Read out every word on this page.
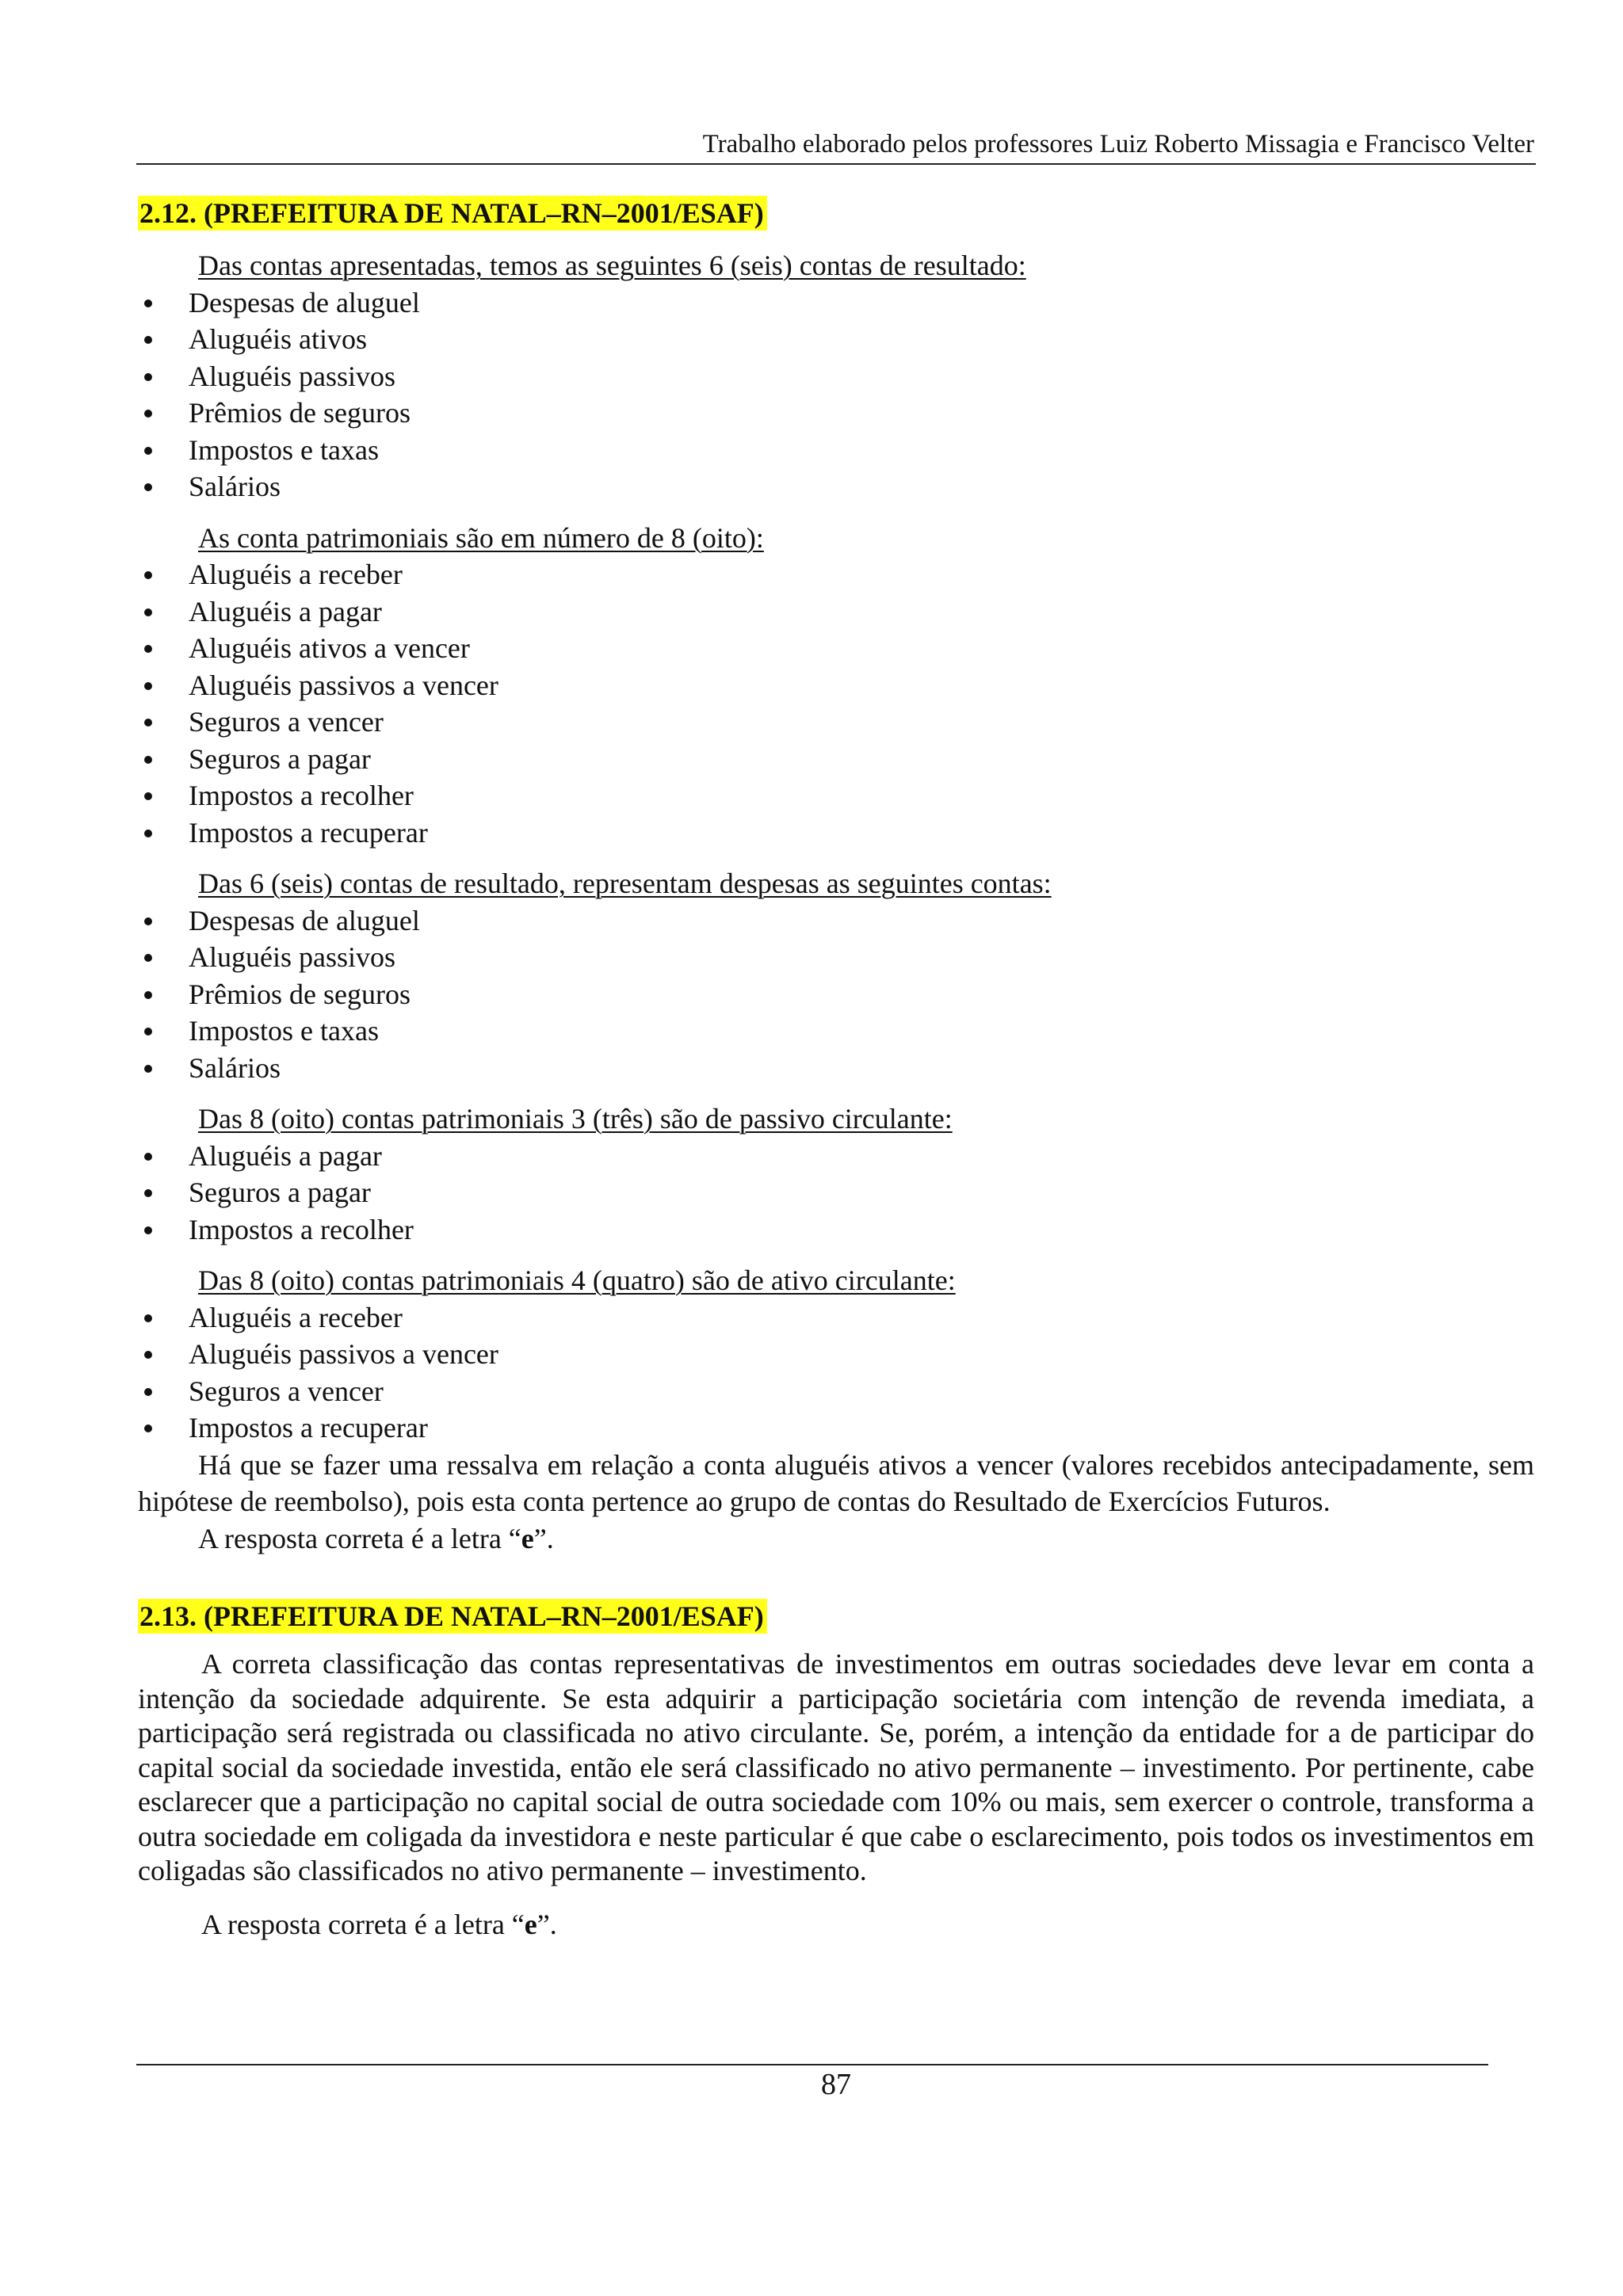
Trabalho elaborado pelos professores Luiz Roberto Missagia e Francisco Velter
2.12. (PREFEITURA DE NATAL–RN–2001/ESAF)
Das contas apresentadas, temos as seguintes 6 (seis) contas de resultado:
Despesas de aluguel
Aluguéis ativos
Aluguéis passivos
Prêmios de seguros
Impostos e taxas
Salários
As conta patrimoniais são em número de 8 (oito):
Aluguéis a receber
Aluguéis a pagar
Aluguéis ativos a vencer
Aluguéis passivos a vencer
Seguros a vencer
Seguros a pagar
Impostos a recolher
Impostos a recuperar
Das 6 (seis) contas de resultado, representam despesas as seguintes contas:
Despesas de aluguel
Aluguéis passivos
Prêmios de seguros
Impostos e taxas
Salários
Das 8 (oito) contas patrimoniais 3 (três) são de passivo circulante:
Aluguéis a pagar
Seguros a pagar
Impostos a recolher
Das 8 (oito) contas patrimoniais 4 (quatro) são de ativo circulante:
Aluguéis a receber
Aluguéis passivos a vencer
Seguros a vencer
Impostos a recuperar

Há que se fazer uma ressalva em relação a conta aluguéis ativos a vencer (valores recebidos antecipadamente, sem hipótese de reembolso), pois esta conta pertence ao grupo de contas do Resultado de Exercícios Futuros.

A resposta correta é a letra “e”.
2.13. (PREFEITURA DE NATAL–RN–2001/ESAF)

A correta classificação das contas representativas de investimentos em outras sociedades deve levar em conta a intenção da sociedade adquirente. Se esta adquirir a participação societária com intenção de revenda imediata, a participação será registrada ou classificada no ativo circulante. Se, porém, a intenção da entidade for a de participar do capital social da sociedade investida, então ele será classificado no ativo permanente – investimento. Por pertinente, cabe esclarecer que a participação no capital social de outra sociedade com 10% ou mais, sem exercer o controle, transforma a outra sociedade em coligada da investidora e neste particular é que cabe o esclarecimento, pois todos os investimentos em coligadas são classificados no ativo permanente – investimento.

A resposta correta é a letra “e”.
87
